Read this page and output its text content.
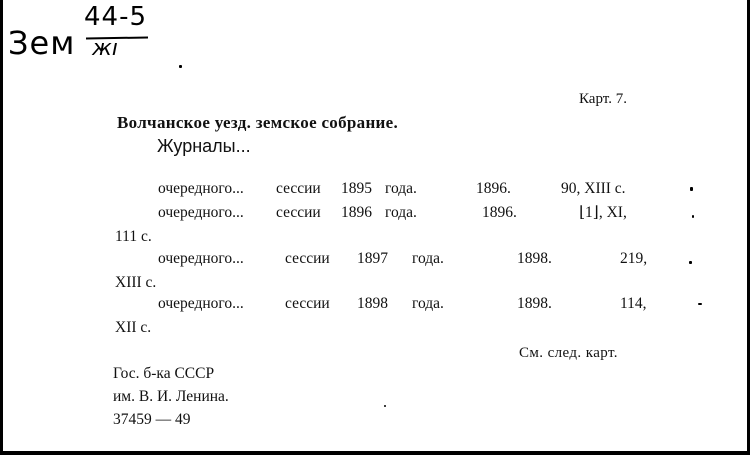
44-5
жı
Зем
Карт. 7.
Волчанское уезд. земское собрание.
Журналы...
очередного... сессии 1895 года.	1896.	90, XIII с.
очередного... сессии 1896 года.	1896.	⌊1⌋, XI,
111 с.
очередного...	сессии 1897 года.	1898.	219,
XIII с.
очередного...	сессии 1898 года.	1898.	114,
XII с.
См. след. карт.
Гос. б-ка СССР
им. В. И. Ленина.
37459 — 49
